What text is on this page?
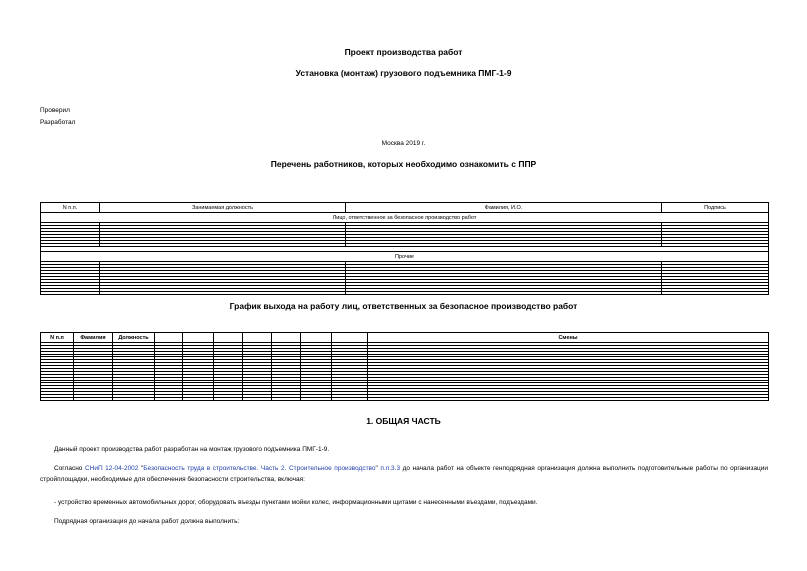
Проект производства работ
Установка (монтаж) грузового подъемника ПМГ-1-9
Проверил
Разработал
Москва 2019 г.
Перечень работников, которых необходимо ознакомить с ППР
N п.п.	Занимаемая должность	Фамилия, И.О.	Подпись
Лицо, ответственное за безопасное производство работ			

Прочие			

График выхода на работу лиц, ответственных за безопасное производство работ
N п.п	Фамилия	Должность								Смены

1. ОБЩАЯ ЧАСТЬ
Данный проект производства работ разработан на монтаж грузового подъемника ПМГ-1-9.
Согласно СНиП 12-04-2002 "Безопасность труда в строительстве. Часть 2. Строительное производство" п.п.3.3 до начала работ на объекте генподрядная организация должна выполнить подготовительные работы по организации стройплощадки, необходимые для обеспечения безопасности строительства, включая:
- устройство временных автомобильных дорог, оборудовать въезды пунктами мойки колес, информационными щитами с нанесенными въездами, подъездами.
Подрядная организация до начала работ должна выполнить:
